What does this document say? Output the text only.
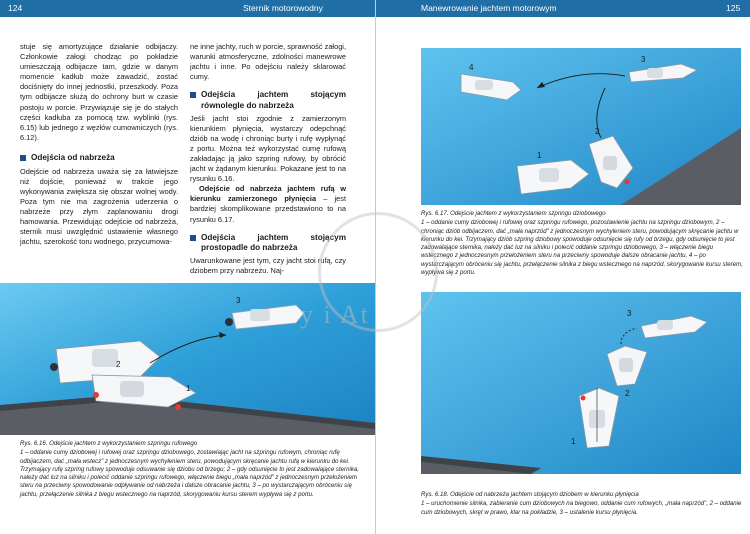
124	Sternik motorowodny

stuje się amortyzujące działanie odbijaczy. Członkowie załogi chodząc po pokładzie umieszczają odbijacze tam, gdzie w danym momencie kadłub może zawadzić, zostać dociśnięty do innej jednostki, przeszkody. Poza tym odbijacze służą do ochrony burt w czasie postoju w porcie. Przywiązuje się je do stałych części kadłuba za pomocą tzw. wyblinki (rys. 6.15) lub jednego z węzłów cumowniczych (rys. 6.12).

Odejścia od nabrzeża

Odejście od nabrzeża uważa się za łatwiejsze niż dojście, ponieważ w trakcie jego wykonywania zwiększa się obszar wolnej wody. Poza tym nie ma zagrożenia uderzenia o nabrzeże przy złym zaplanowaniu drogi hamowania. Przewidując odejście od nabrzeża, sternik musi uwzględnić ustawienie własnego jachtu, szerokość toru wodnego, przycumowa-

ne inne jachty, ruch w porcie, sprawność załogi, warunki atmosferyczne, zdolności manewrowe jachtu i inne. Po odejściu należy sklarować cumy.

Odejścia jachtem stojącym równolegle do nabrzeża

Jeśli jacht stoi zgodnie z zamierzonym kierunkiem płynięcia, wystarczy odepchnąć dziób na wodę i chroniąc burty i rufę wypłynąć z portu. Można też wykorzystać cumę rufową zakładając ją jako szpring rufowy, by obrócić jacht w żądanym kierunku. Pokazane jest to na rysunku 6.16.

Odejście od nabrzeża jachtem rufą w kierunku zamierzonego płynięcia – jest bardziej skomplikowane przedstawiono to na rysunku 6.17.

Odejścia jachtem stojącym prostopadle do nabrzeża

Uwarunkowane jest tym, czy jacht stoi rufą, czy dziobem przy nabrzeżu. Naj-

3
1
2
Rys. 6.16. Odejście jachtem z wykorzystaniem szpringu rufowego
1 – oddanie cumy dziobowej i rufowej oraz szpringu dziobowego, zostawiając jacht na szpringu rufowym, chroniąc rufę odbijaczem, dać „mała wstecz” z jednoczesnym wychyleniem steru, powodującym skręcanie jachtu rufą w kierunku do kei. Trzymający rufę szpring rufowy spowoduje odsuwanie się dziobu od brzegu; 2 – gdy odsunięcie to jest zadowalające sternika, należy dać luz na silniku i polecić oddanie szpringu rufowego, włączenie biegu „mała naprzód” z jednoczesnym przełożeniem steru na przeciwny spowodowanie odpływanie od nabrzeża i dalsze obracanie jachtu, 3 – po wystarczającym obróceniu się jachtu, przełączenie silnika z biegu wstecznego na naprzód, skorygowaniu kursu sterem wypływa się z portu.
Manewrowanie jachtem motorowym	125
4
3
1
2
Rys. 6.17. Odejście jachtem z wykorzystaniem szpringu dziobowego
1 – oddanie cumy dziobowej i rufowej oraz szpringu rufowego, pozostawienie jachtu na szpringu dziobowym, 2 – chroniąc dziób odbijaczem, dać „mała naprzód” z jednoczesnym wychyleniem steru, powodującym skręcanie jachtu w kierunku do kei. Trzymający dziób szpring dziobowy spowoduje odsunięcie się rufy od brzegu, gdy odsunięcie to jest zadowalające sternika, należy dać luz na silniku i polecić oddanie szpringu dziobowego, 3 – włączenie biegu wstecznego z jednoczesnym przełożeniem steru na przeciwny spowoduje dalsze obracanie jachtu, 4 – po wystarczającym obróceniu się jachtu, przełączenie silnika z biegu wstecznego na naprzód, skorygowanie kursu sterem, wypływa się z portu.
3
2
1
Rys. 6.18. Odejście od nabrzeża jachtem stojącym dziobem w kierunku płynięcia
1 – uruchomienie silnika, zabieranie cum dziobowych na biegowo, oddanie cum rufowych, „mała naprzód”, 2 – oddanie cum dziobowych, skręt w prawo, klar na pokładzie, 3 – ustalenie kursu płynięcia.
y i At
